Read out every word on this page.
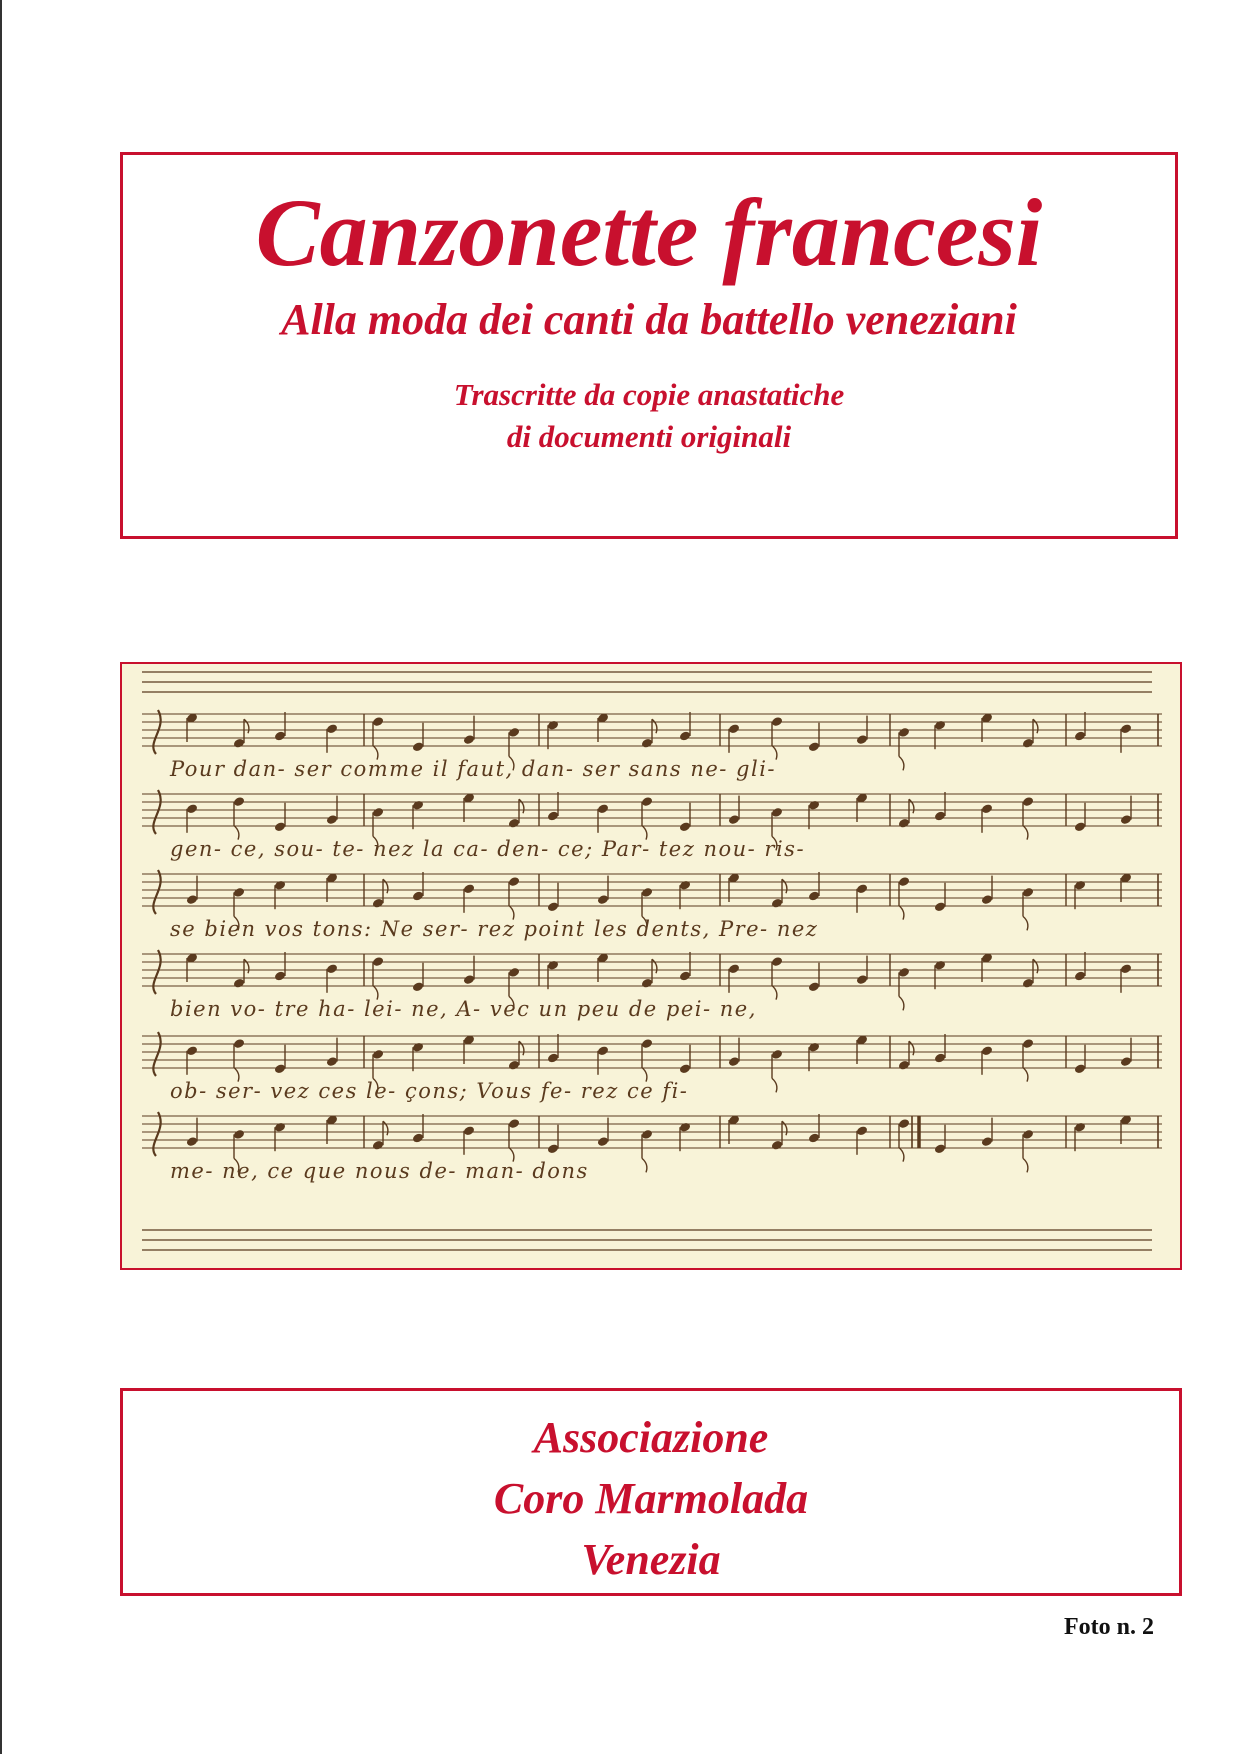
Canzonette francesi
Alla moda dei canti da battello veneziani
Trascritte da copie anastatiche
di documenti originali
Pour dan- ser comme il faut, dan- ser sans ne- gli-
gen- ce, sou- te- nez la ca- den- ce; Par- tez nou- ris-
se bien vos tons: Ne ser- rez point les dents, Pre- nez
bien vo- tre ha- lei- ne, A- vec un peu de pei- ne,
ob- ser- vez ces le- çons; Vous fe- rez ce fi-
me- ne, ce que nous de- man- dons
Associazione
Coro Marmolada
Venezia
Foto n. 2
